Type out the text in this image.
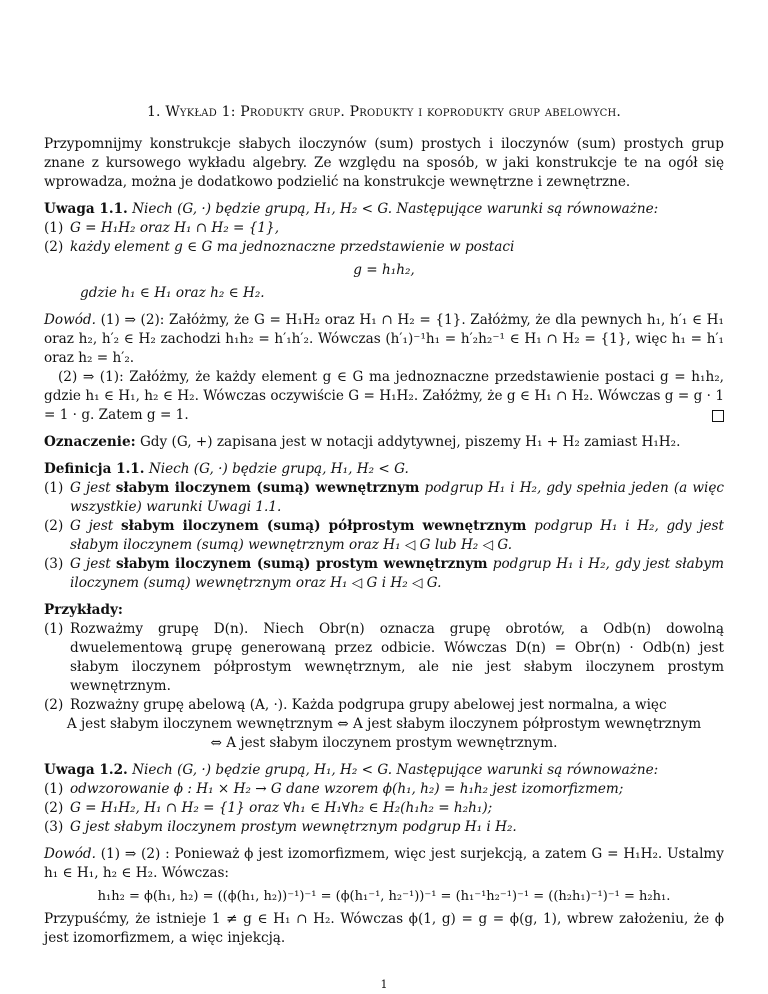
1. Wykład 1: Produkty grup. Produkty i koprodukty grup abelowych.

Przypomnijmy konstrukcje słabych iloczynów (sum) prostych i iloczynów (sum) prostych grup znane z kursowego wykładu algebry. Ze względu na sposób, w jaki konstrukcje te na ogół się wprowadza, można je dodatkowo podzielić na konstrukcje wewnętrzne i zewnętrzne.

Uwaga 1.1. Niech (G, ·) będzie grupą, H₁, H₂ < G. Następujące warunki są równoważne:

(1) G = H₁H₂ oraz H₁ ∩ H₂ = {1},
(2) każdy element g ∈ G ma jednoznaczne przedstawienie w postaci
g = h₁h₂,

gdzie h₁ ∈ H₁ oraz h₂ ∈ H₂.

Dowód. (1) ⇒ (2): Załóżmy, że G = H₁H₂ oraz H₁ ∩ H₂ = {1}. Załóżmy, że dla pewnych h₁, h′₁ ∈ H₁ oraz h₂, h′₂ ∈ H₂ zachodzi h₁h₂ = h′₁h′₂. Wówczas (h′₁)⁻¹h₁ = h′₂h₂⁻¹ ∈ H₁ ∩ H₂ = {1}, więc h₁ = h′₁ oraz h₂ = h′₂.

(2) ⇒ (1): Załóżmy, że każdy element g ∈ G ma jednoznaczne przedstawienie postaci g = h₁h₂, gdzie h₁ ∈ H₁, h₂ ∈ H₂. Wówczas oczywiście G = H₁H₂. Załóżmy, że g ∈ H₁ ∩ H₂. Wówczas g = g · 1 = 1 · g. Zatem g = 1.

Oznaczenie: Gdy (G, +) zapisana jest w notacji addytywnej, piszemy H₁ + H₂ zamiast H₁H₂.

Definicja 1.1. Niech (G, ·) będzie grupą, H₁, H₂ < G.

(1) G jest słabym iloczynem (sumą) wewnętrznym podgrup H₁ i H₂, gdy spełnia jeden (a więc wszystkie) warunki Uwagi 1.1.
(2) G jest słabym iloczynem (sumą) półprostym wewnętrznym podgrup H₁ i H₂, gdy jest słabym iloczynem (sumą) wewnętrznym oraz H₁ ◁ G lub H₂ ◁ G.
(3) G jest słabym iloczynem (sumą) prostym wewnętrznym podgrup H₁ i H₂, gdy jest słabym iloczynem (sumą) wewnętrznym oraz H₁ ◁ G i H₂ ◁ G.

Przykłady:

(1) Rozważmy grupę D(n). Niech Obr(n) oznacza grupę obrotów, a Odb(n) dowolną dwuelementową grupę generowaną przez odbicie. Wówczas D(n) = Obr(n) · Odb(n) jest słabym iloczynem półprostym wewnętrznym, ale nie jest słabym iloczynem prostym wewnętrznym.
(2) Rozważny grupę abelową (A, ·). Każda podgrupa grupy abelowej jest normalna, a więc
A jest słabym iloczynem wewnętrznym ⇔ A jest słabym iloczynem półprostym wewnętrznym
⇔ A jest słabym iloczynem prostym wewnętrznym.

Uwaga 1.2. Niech (G, ·) będzie grupą, H₁, H₂ < G. Następujące warunki są równoważne:

(1) odwzorowanie ϕ : H₁ × H₂ → G dane wzorem ϕ(h₁, h₂) = h₁h₂ jest izomorfizmem;
(2) G = H₁H₂, H₁ ∩ H₂ = {1} oraz ∀h₁ ∈ H₁∀h₂ ∈ H₂(h₁h₂ = h₂h₁);
(3) G jest słabym iloczynem prostym wewnętrznym podgrup H₁ i H₂.

Dowód. (1) ⇒ (2) : Ponieważ ϕ jest izomorfizmem, więc jest surjekcją, a zatem G = H₁H₂. Ustalmy h₁ ∈ H₁, h₂ ∈ H₂. Wówczas:

h₁h₂ = ϕ(h₁, h₂) = ((ϕ(h₁, h₂))⁻¹)⁻¹ = (ϕ(h₁⁻¹, h₂⁻¹))⁻¹ = (h₁⁻¹h₂⁻¹)⁻¹ = ((h₂h₁)⁻¹)⁻¹ = h₂h₁.

Przypuśćmy, że istnieje 1 ≠ g ∈ H₁ ∩ H₂. Wówczas ϕ(1, g) = g = ϕ(g, 1), wbrew założeniu, że ϕ jest izomorfizmem, a więc injekcją.

1
